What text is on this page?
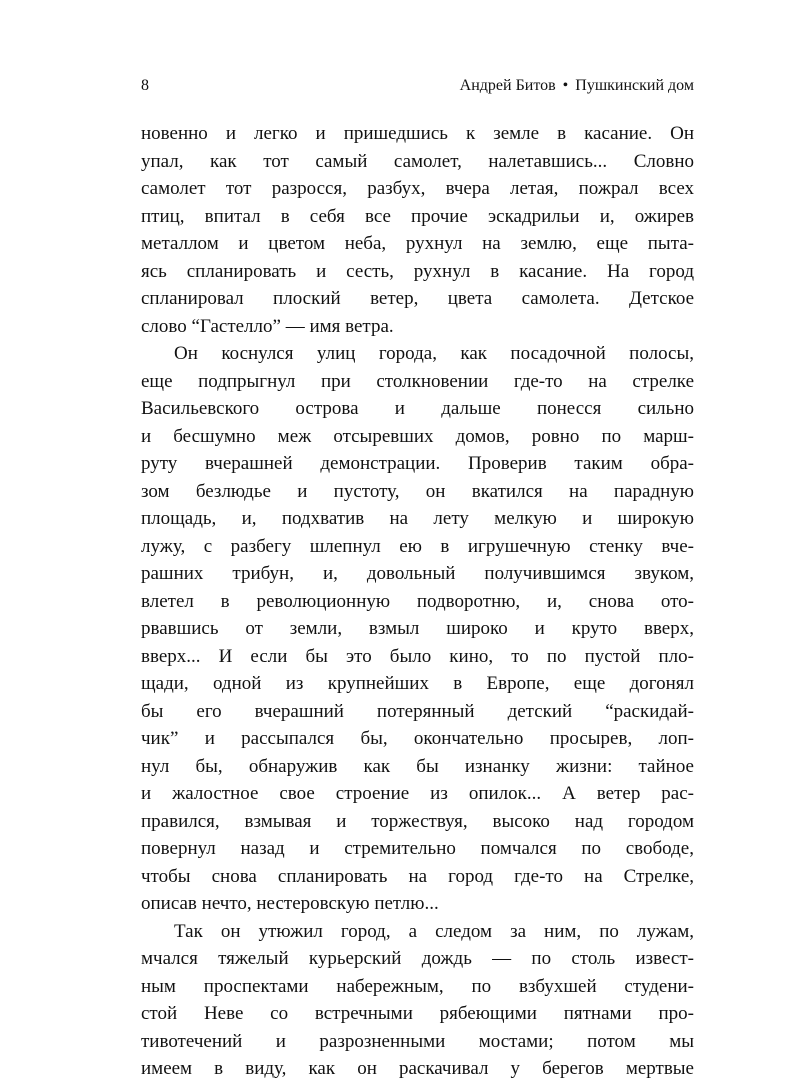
8	Андрей Битов • Пушкинский дом
новенно и легко и пришедшись к земле в касание. Он
упал, как тот самый самолет, налетавшись... Словно
самолет тот разросся, разбух, вчера летая, пожрал всех
птиц, впитал в себя все прочие эскадрильи и, ожирев
металлом и цветом неба, рухнул на землю, еще пыта-
ясь спланировать и сесть, рухнул в касание. На город
спланировал плоский ветер, цвета самолета. Детское
слово “Гастелло” — имя ветра.
Он коснулся улиц города, как посадочной полосы,
еще подпрыгнул при столкновении где-то на стрелке
Васильевского острова и дальше понесся сильно
и бесшумно меж отсыревших домов, ровно по марш-
руту вчерашней демонстрации. Проверив таким обра-
зом безлюдье и пустоту, он вкатился на парадную
площадь, и, подхватив на лету мелкую и широкую
лужу, с разбегу шлепнул ею в игрушечную стенку вче-
рашних трибун, и, довольный получившимся звуком,
влетел в революционную подворотню, и, снова ото-
рвавшись от земли, взмыл широко и круто вверх,
вверх... И если бы это было кино, то по пустой пло-
щади, одной из крупнейших в Европе, еще догонял
бы его вчерашний потерянный детский “раскидай-
чик” и рассыпался бы, окончательно просырев, лоп-
нул бы, обнаружив как бы изнанку жизни: тайное
и жалостное свое строение из опилок... А ветер рас-
правился, взмывая и торжествуя, высоко над городом
повернул назад и стремительно помчался по свободе,
чтобы снова спланировать на город где-то на Стрелке,
описав нечто, нестеровскую петлю...
Так он утюжил город, а следом за ним, по лужам,
мчался тяжелый курьерский дождь — по столь извест-
ным проспектами набережным, по взбухшей студени-
стой Неве со встречными рябеющими пятнами про-
тивотечений и разрозненными мостами; потом мы
имеем в виду, как он раскачивал у берегов мертвые
